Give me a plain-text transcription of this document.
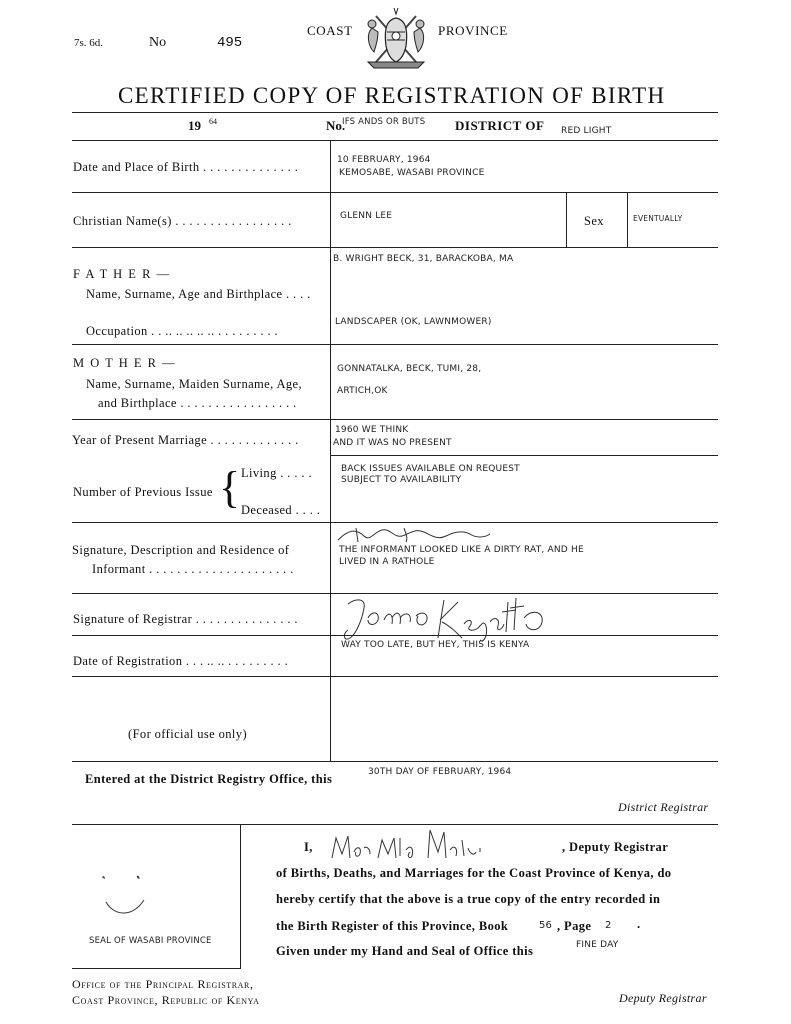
7s. 6d.	No	495
COAST	PROVINCE
CERTIFIED COPY OF REGISTRATION OF BIRTH
19 64	No.
IFS ANDS OR BUTS DISTRICT OF RED LIGHT
Date and Place of Birth . . . . . . . . . . . . . .	10 FEBRUARY, 1964
KEMOSABE, WASABI PROVINCE
Christian Name(s) . . . . . . . . . . . . . . . . .	GLENN LEE	Sex	EVENTUALLY
F A T H E R —
Name, Surname, Age and Birthplace . . . .
B. WRIGHT BECK, 31, BARACKOBA, MA
Occupation . . .. .. .. .. .. . . . . . . . . .
LANDSCAPER (OK, LAWNMOWER)
M O T H E R —
Name, Surname, Maiden Surname, Age,
and Birthplace . . . . . . . . . . . . . . . . .
GONNATALKA, BECK, TUMI, 28,
ARTICH,OK
Year of Present Marriage . . . . . . . . . . . . .
1960 WE THINK
AND IT WAS NO PRESENT
Number of Previous Issue { Living . . . . .
Deceased . . . .
BACK ISSUES AVAILABLE ON REQUEST
SUBJECT TO AVAILABILITY
Signature, Description and Residence of
Informant . . . . . . . . . . . . . . . . . . . . .
THE INFORMANT LOOKED LIKE A DIRTY RAT, AND HE
LIVED IN A RATHOLE
Signature of Registrar . . . . . . . . . . . . . . .
Date of Registration . . . .. .. . . . . . . . . .
WAY TOO LATE, BUT HEY, THIS IS KENYA
(For official use only)
Entered at the District Registry Office, this	30TH DAY OF FEBRUARY, 1964
District Registrar
SEAL OF WASABI PROVINCE
I,	, Deputy Registrar
of Births, Deaths, and Marriages for the Coast Province of Kenya, do
hereby certify that the above is a true copy of the entry recorded in
the Birth Register of this Province, Book	56 , Page 2 .
Given under my Hand and Seal of Office this	FINE DAY
Office of the Principal Registrar,
Coast Province, Republic of Kenya	Deputy Registrar
